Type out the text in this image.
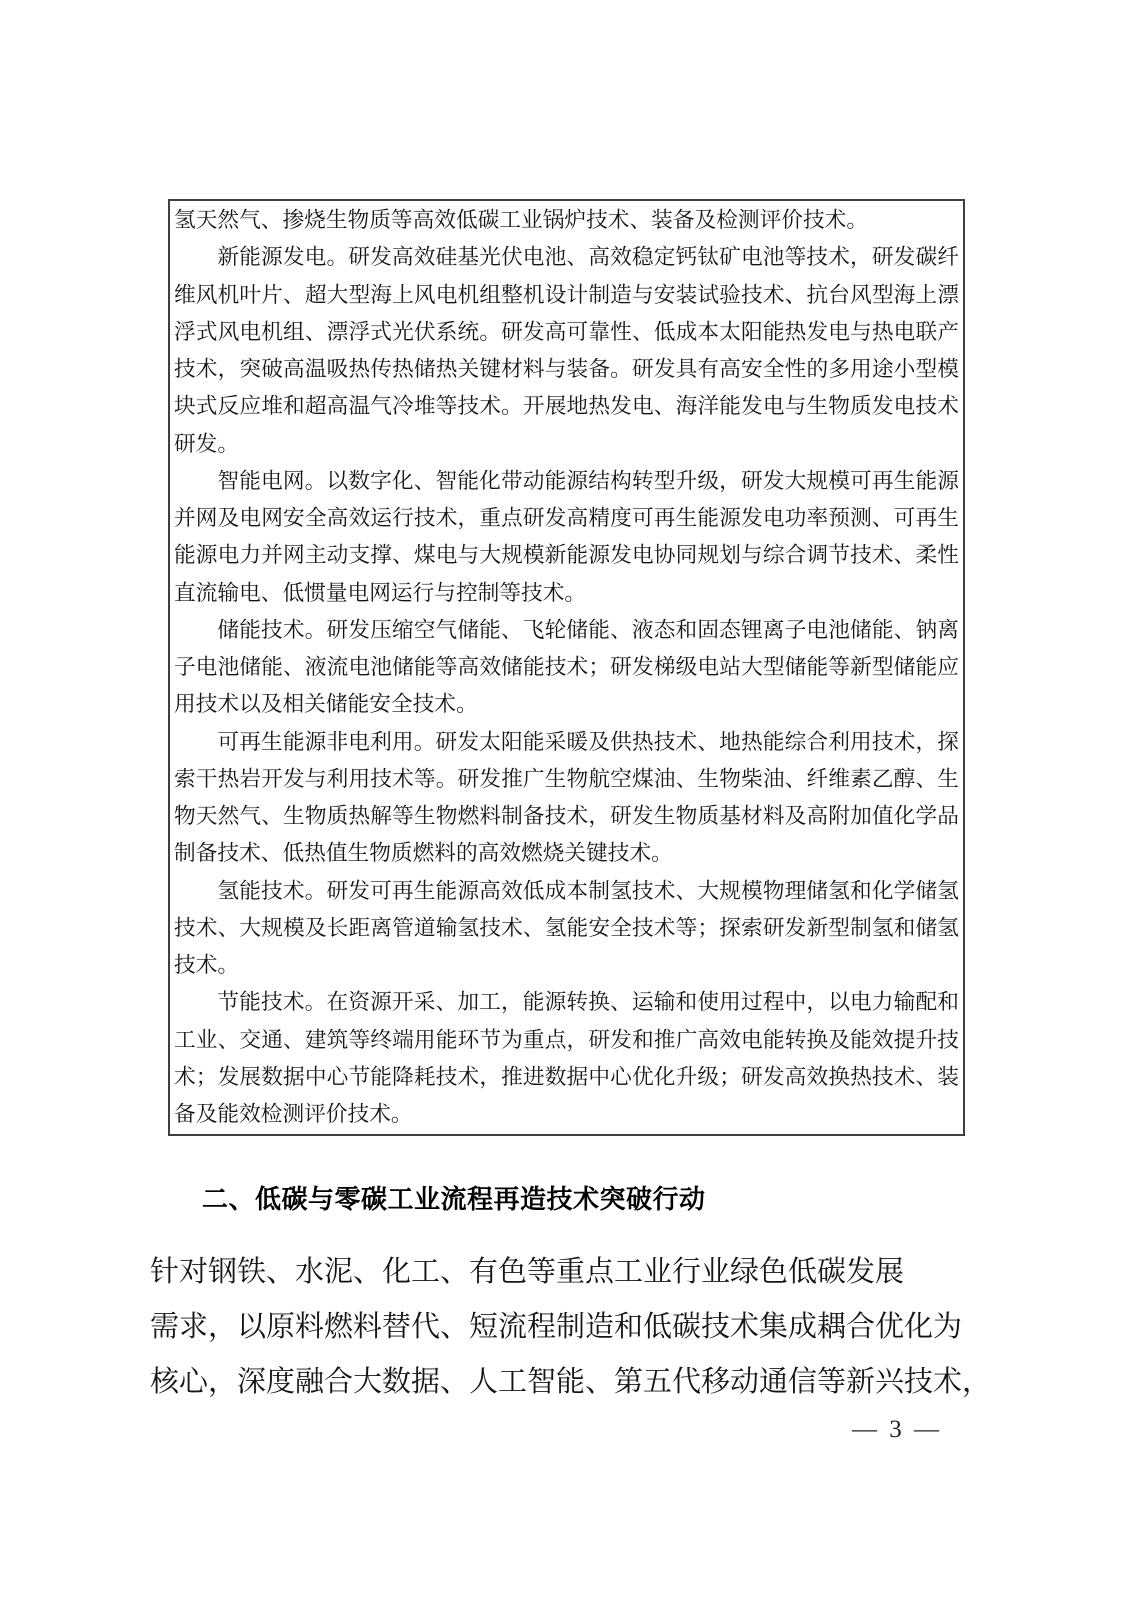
氢天然气、掺烧生物质等高效低碳工业锅炉技术、装备及检测评价技术。

新能源发电。研发高效硅基光伏电池、高效稳定钙钛矿电池等技术，研发碳纤维风机叶片、超大型海上风电机组整机设计制造与安装试验技术、抗台风型海上漂浮式风电机组、漂浮式光伏系统。研发高可靠性、低成本太阳能热发电与热电联产技术，突破高温吸热传热储热关键材料与装备。研发具有高安全性的多用途小型模块式反应堆和超高温气冷堆等技术。开展地热发电、海洋能发电与生物质发电技术研发。

智能电网。以数字化、智能化带动能源结构转型升级，研发大规模可再生能源并网及电网安全高效运行技术，重点研发高精度可再生能源发电功率预测、可再生能源电力并网主动支撑、煤电与大规模新能源发电协同规划与综合调节技术、柔性直流输电、低惯量电网运行与控制等技术。

储能技术。研发压缩空气储能、飞轮储能、液态和固态锂离子电池储能、钠离子电池储能、液流电池储能等高效储能技术；研发梯级电站大型储能等新型储能应用技术以及相关储能安全技术。

可再生能源非电利用。研发太阳能采暖及供热技术、地热能综合利用技术，探索干热岩开发与利用技术等。研发推广生物航空煤油、生物柴油、纤维素乙醇、生物天然气、生物质热解等生物燃料制备技术，研发生物质基材料及高附加值化学品制备技术、低热值生物质燃料的高效燃烧关键技术。

氢能技术。研发可再生能源高效低成本制氢技术、大规模物理储氢和化学储氢技术、大规模及长距离管道输氢技术、氢能安全技术等；探索研发新型制氢和储氢技术。

节能技术。在资源开采、加工，能源转换、运输和使用过程中，以电力输配和工业、交通、建筑等终端用能环节为重点，研发和推广高效电能转换及能效提升技术；发展数据中心节能降耗技术，推进数据中心优化升级；研发高效换热技术、装备及能效检测评价技术。

二、低碳与零碳工业流程再造技术突破行动

针对钢铁、水泥、化工、有色等重点工业行业绿色低碳发展

需求，以原料燃料替代、短流程制造和低碳技术集成耦合优化为

核心，深度融合大数据、人工智能、第五代移动通信等新兴技术，

— 3 —
